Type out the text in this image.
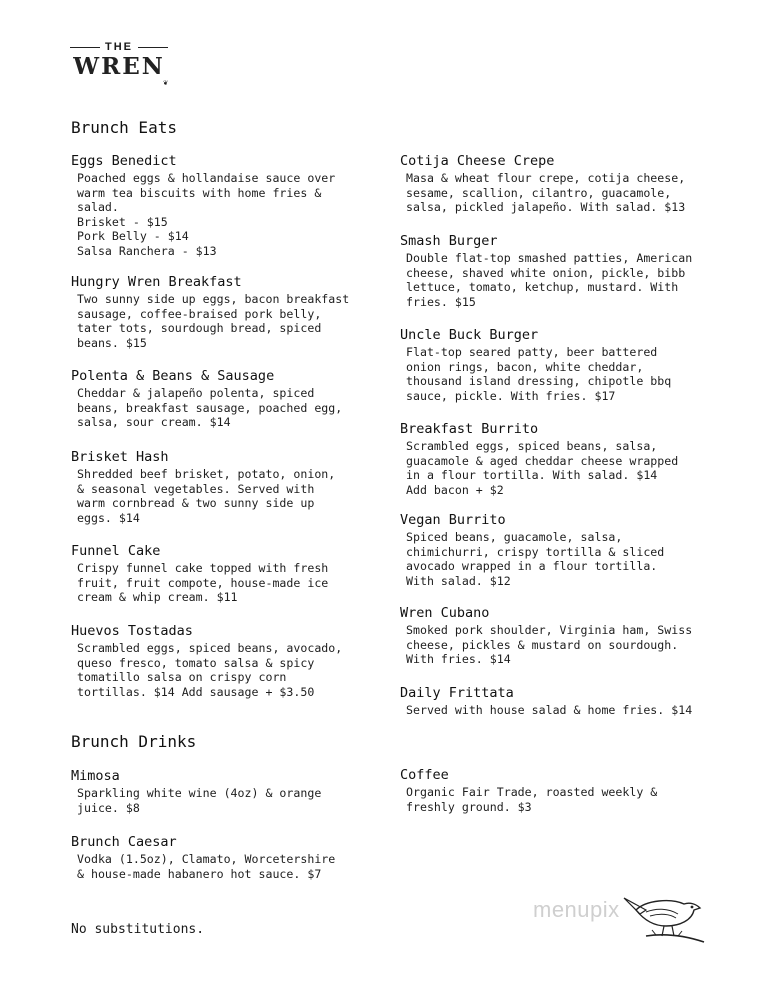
THE
WREN
❦
Brunch Eats
Eggs Benedict
Poached eggs & hollandaise sauce over
warm tea biscuits with home fries &
salad.
Brisket - $15
Pork Belly - $14
Salsa Ranchera - $13
Hungry Wren Breakfast
Two sunny side up eggs, bacon breakfast
sausage, coffee-braised pork belly,
tater tots, sourdough bread, spiced
beans. $15
Polenta & Beans & Sausage
Cheddar & jalapeño polenta, spiced
beans, breakfast sausage, poached egg,
salsa, sour cream. $14
Brisket Hash
Shredded beef brisket, potato, onion,
& seasonal vegetables. Served with
warm cornbread & two sunny side up
eggs. $14
Funnel Cake
Crispy funnel cake topped with fresh
fruit, fruit compote, house-made ice
cream & whip cream. $11
Huevos Tostadas
Scrambled eggs, spiced beans, avocado,
queso fresco, tomato salsa & spicy
tomatillo salsa on crispy corn
tortillas. $14 Add sausage + $3.50
Cotija Cheese Crepe
Masa & wheat flour crepe, cotija cheese,
sesame, scallion, cilantro, guacamole,
salsa, pickled jalapeño. With salad. $13
Smash Burger
Double flat-top smashed patties, American
cheese, shaved white onion, pickle, bibb
lettuce, tomato, ketchup, mustard. With
fries. $15
Uncle Buck Burger
Flat-top seared patty, beer battered
onion rings, bacon, white cheddar,
thousand island dressing, chipotle bbq
sauce, pickle. With fries. $17
Breakfast Burrito
Scrambled eggs, spiced beans, salsa,
guacamole & aged cheddar cheese wrapped
in a flour tortilla. With salad. $14
Add bacon + $2
Vegan Burrito
Spiced beans, guacamole, salsa,
chimichurri, crispy tortilla & sliced
avocado wrapped in a flour tortilla.
With salad. $12
Wren Cubano
Smoked pork shoulder, Virginia ham, Swiss
cheese, pickles & mustard on sourdough.
With fries. $14
Daily Frittata
Served with house salad & home fries. $14
Brunch Drinks
Mimosa
Sparkling white wine (4oz) & orange
juice. $8
Brunch Caesar
Vodka (1.5oz), Clamato, Worcetershire
& house-made habanero hot sauce. $7
Coffee
Organic Fair Trade, roasted weekly &
freshly ground. $3
No substitutions.
menupix
